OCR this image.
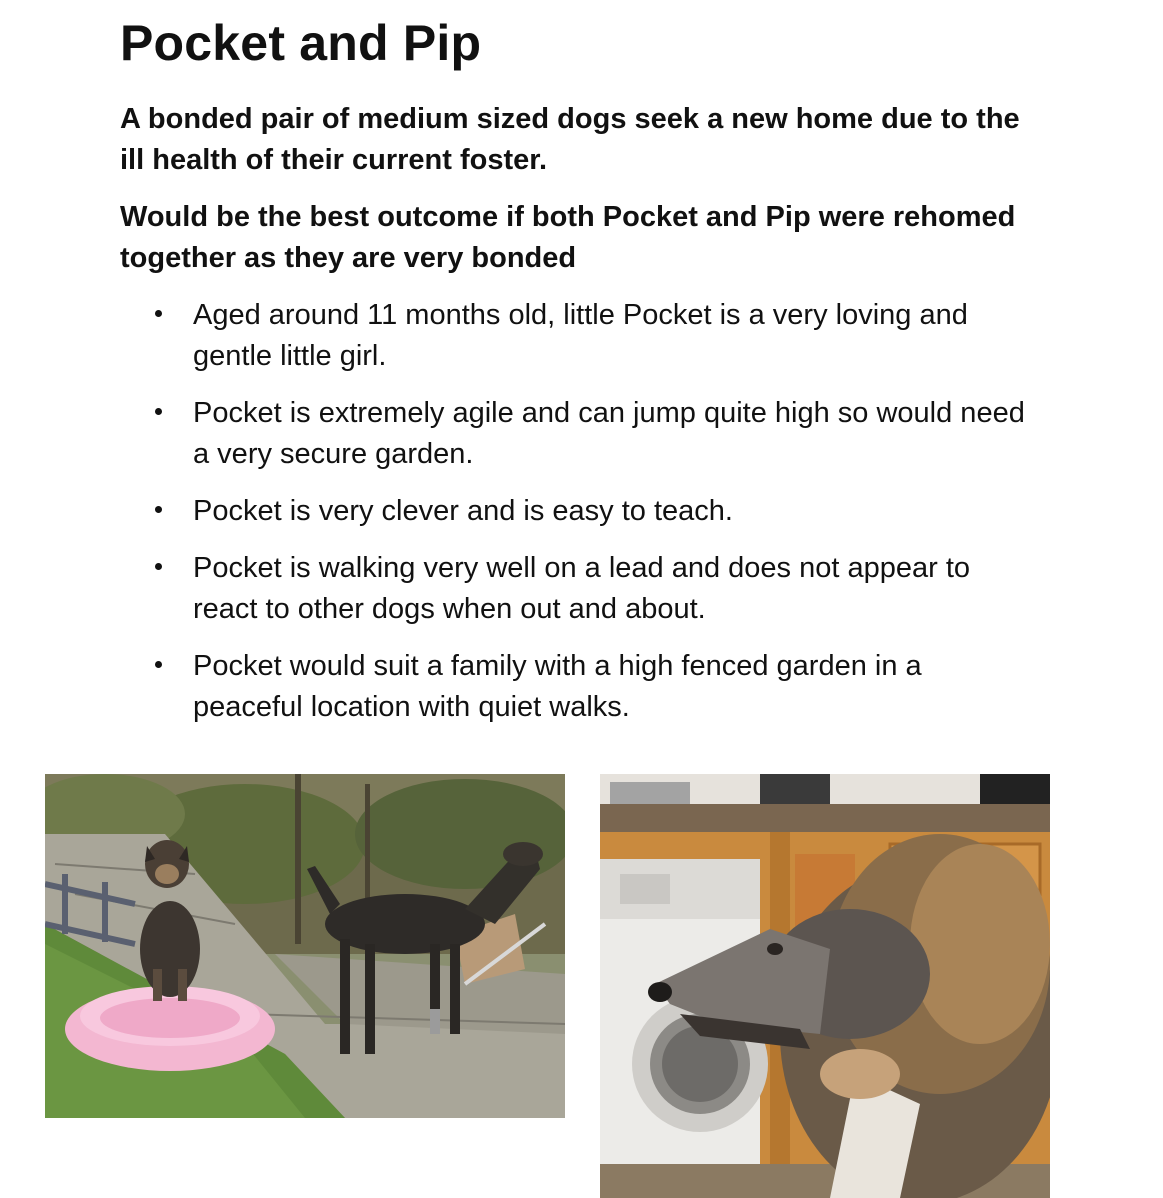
Pocket and Pip

A bonded pair of medium sized dogs seek a new home due to the ill health of their current foster.

Would be the best outcome if both Pocket and Pip were rehomed together as they are very bonded

Aged around 11 months old, little Pocket is a very loving and gentle little girl.
Pocket is extremely agile and can jump quite high so would need a very secure garden.
Pocket is very clever and is easy to teach.
Pocket is walking very well on a lead and does not appear to react to other dogs when out and about.
Pocket would suit a family with a high fenced garden in a peaceful location with quiet walks.
